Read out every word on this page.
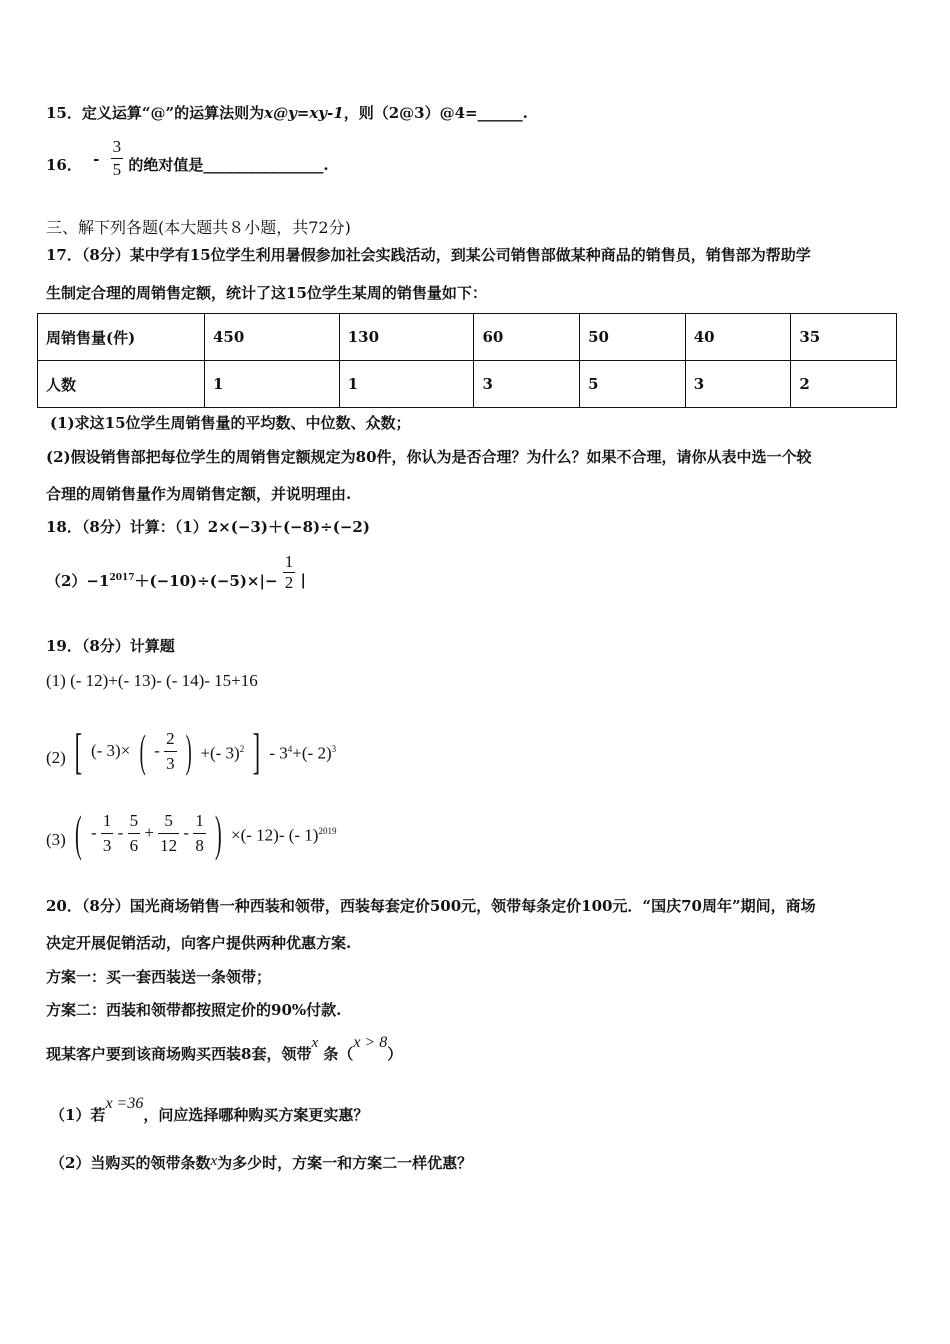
15．定义运算“@”的运算法则为x@y=xy-1，则（2@3）@4=______.
16． - $\frac{3}{5}$ 的绝对值是________________.
三、解下列各题(本大题共８小题，共72分)
17．（8分）某中学有15位学生利用暑假参加社会实践活动，到某公司销售部做某种商品的销售员，销售部为帮助学
生制定合理的周销售定额，统计了这15位学生某周的销售量如下：
周销售量(件)	450	130	60	50	40	35
人数	1	1	3	5	3	2
(1)求这15位学生周销售量的平均数、中位数、众数；
(2)假设销售部把每位学生的周销售定额规定为80件，你认为是否合理？为什么？如果不合理，请你从表中选一个较
合理的周销售量作为周销售定额，并说明理由.
18．（8分）计算：（1）2×(−3)＋(−8)÷(−2)
$(2)-1^{2017}+(-10)\div(-5)\times|- \frac{1}{2}$ |
19．（8分）计算题
(1) (- 12)+(- 13)- (- 14)- 15+16
(2) [ (- 3)× ( - $\frac{2}{3}$ ) +(- 3)$^2$ ] - $3^4+(-$ 2)$^3$
(3) ( - $\frac{1}{3} - \frac{5}{6} + \frac{5}{12} - \frac{1}{8}$ ) ×(- 12)- (- 1)$^{2019}$
20．（8分）国光商场销售一种西装和领带，西装每套定价500元，领带每条定价100元．“国庆70周年”期间，商场
决定开展促销活动，向客户提供两种优惠方案.
方案一：买一套西装送一条领带；
方案二：西装和领带都按照定价的90%付款.
现某客户要到该商场购买西装8套，领带x 条（x > 8）
（1）若x =36，问应选择哪种购买方案更实惠？
（2）当购买的领带条数x为多少时，方案一和方案二一样优惠？
